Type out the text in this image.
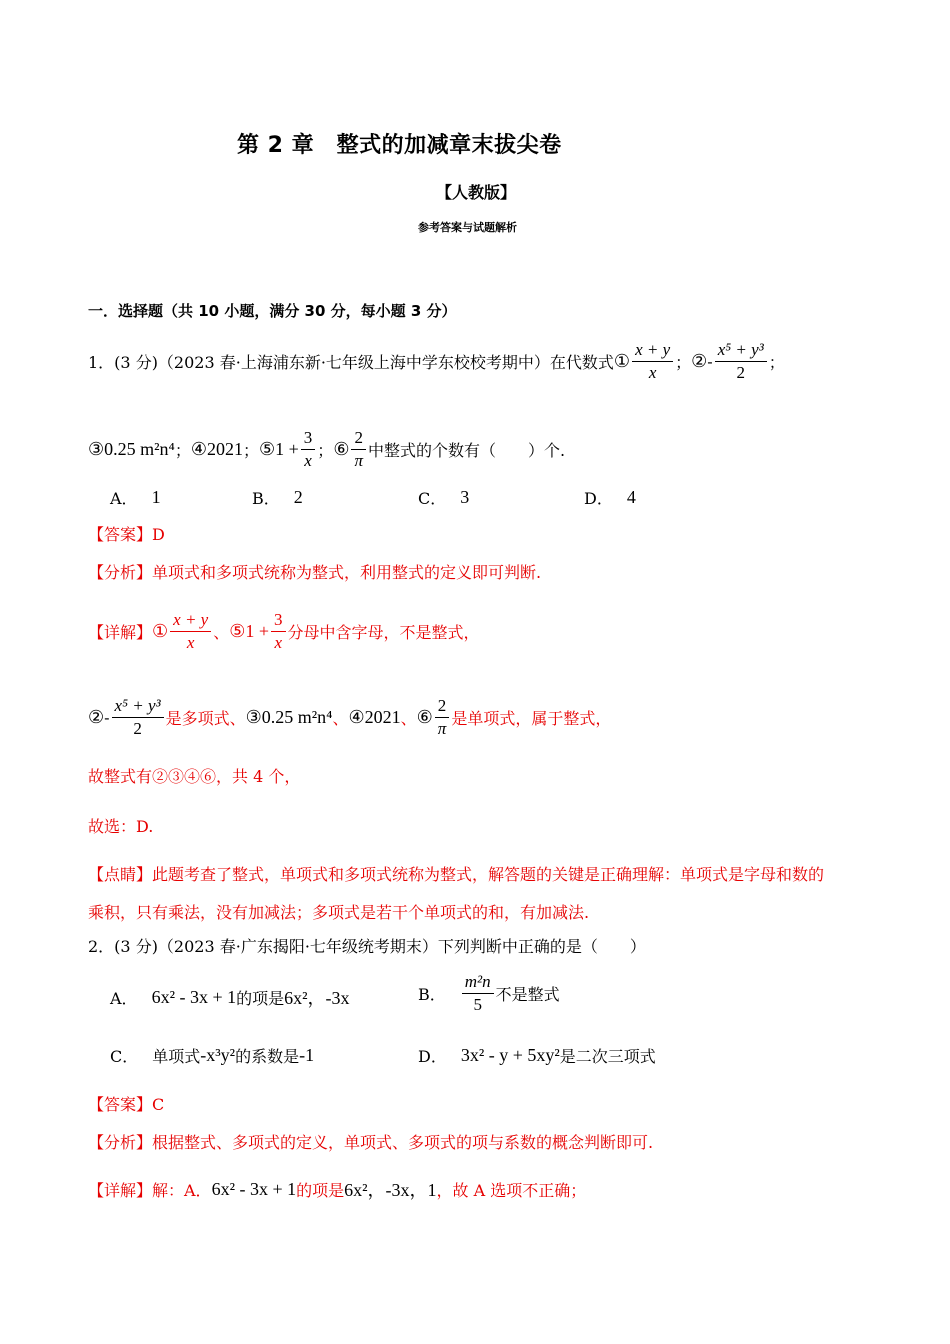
第 2 章　整式的加减章末拔尖卷
【人教版】
参考答案与试题解析
一．选择题（共 10 小题，满分 30 分，每小题 3 分）
1．(3 分)（2023 春·上海浦东新·七年级上海中学东校校考期中）在代数式 ① $\frac{x + y}{x}$ ； ② - $\frac{\text{x⁵ + y³}}{2}$ ；
③ 0.25 m²n⁴ ； ④ 2021 ； ⑤ $1 + \frac{3}{x}$ ； ⑥ $\frac{2}{\pi}$ 中整式的个数有（　　）个.
A． 1	B． 2	C． 3	D． 4
【答案】D
【分析】单项式和多项式统称为整式，利用整式的定义即可判断.
【详解】 ① $\frac{x + y}{x}$ 、 ⑤ $1 + \frac{3}{x}$ 分母中含字母，不是整式，
② - $\frac{\text{x⁵ + y³}}{2}$ 是多项式、 ③ 0.25 m²n⁴ 、 ④ 2021 、 ⑥ $\frac{2}{\pi}$ 是单项式，属于整式，
故整式有②③④⑥，共 4 个，
故选：D.
【点睛】此题考查了整式，单项式和多项式统称为整式，解答题的关键是正确理解：单项式是字母和数的
乘积，只有乘法，没有加减法；多项式是若干个单项式的和，有加减法.
2．(3 分)（2023 春·广东揭阳·七年级统考期末）下列判断中正确的是（　　）
A． 6x² - 3x + 1 的项是 6x²，-3x	B． $\frac{\text{m²n}}{5}$ 不是整式
C． 单项式 -x³y² 的系数是 -1	D． 3x² - y + 5xy² 是二次三项式
【答案】C
【分析】根据整式、多项式的定义，单项式、多项式的项与系数的概念判断即可.
【详解】解：A． 6x² - 3x + 1 的项是 6x²，-3x，1 ，故 A 选项不正确；
